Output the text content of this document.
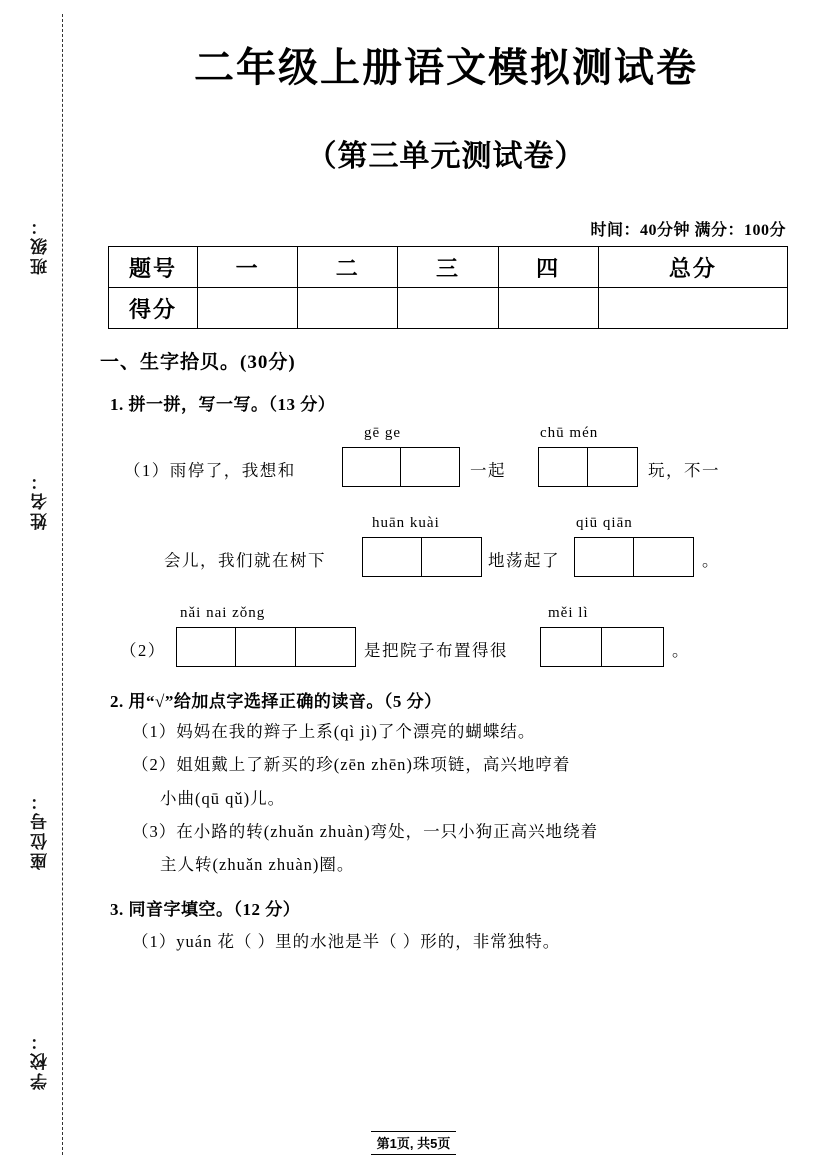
班级：
姓名：
座位号：
学校：
二年级上册语文模拟测试卷
（第三单元测试卷）
时间：40分钟 满分：100分
题号	一	二	三	四	总分
得分					
一、生字拾贝。(30分)
1. 拼一拼，写一写。（13 分）
gē ge	chū mén
（1）雨停了，我想和	一起	玩，不一
huān kuài	qiū qiān
会儿，我们就在树下	地荡起了	。
nǎi nai zǒng	měi lì
（2）	是把院子布置得很	。
2. 用“√”给加点字选择正确的读音。（5 分）
（1）妈妈在我的辫子上系(qì jì)了个漂亮的蝴蝶结。
（2）姐姐戴上了新买的珍(zēn zhēn)珠项链，高兴地哼着
小曲(qū qǔ)儿。
（3）在小路的转(zhuǎn zhuàn)弯处，一只小狗正高兴地绕着
主人转(zhuǎn zhuàn)圈。
3. 同音字填空。（12 分）
（1）yuán 花（ ）里的水池是半（ ）形的，非常独特。
第1页, 共5页
